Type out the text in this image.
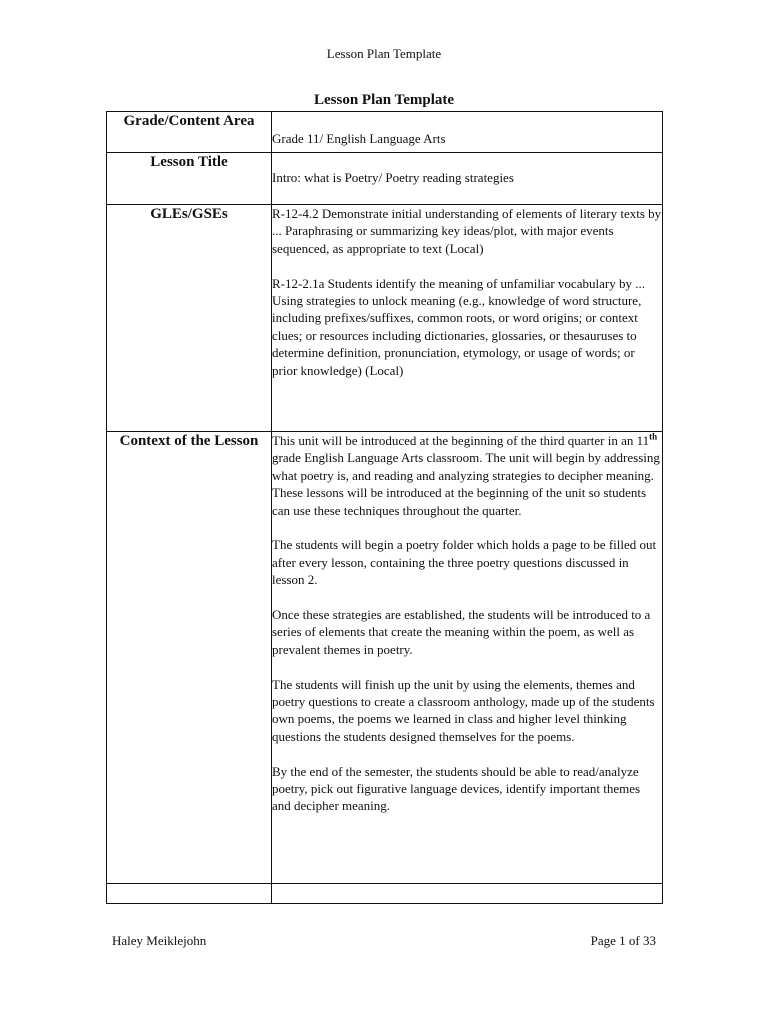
Lesson Plan Template
Lesson Plan Template
Grade/Content Area	Grade 11/ English Language Arts
Lesson Title	Intro: what is Poetry/ Poetry reading strategies
GLEs/GSEs	R-12-4.2 Demonstrate initial understanding of elements of literary texts by ... Paraphrasing or summarizing key ideas/plot, with major events sequenced, as appropriate to text (Local)

R-12-2.1a Students identify the meaning of unfamiliar vocabulary by ... Using strategies to unlock meaning (e.g., knowledge of word structure, including prefixes/suffixes, common roots, or word origins; or context clues; or resources including dictionaries, glossaries, or thesauruses to determine definition, pronunciation, etymology, or usage of words; or prior knowledge) (Local)

Context of the Lesson	This unit will be introduced at the beginning of the third quarter in an 11th grade English Language Arts classroom. The unit will begin by addressing what poetry is, and reading and analyzing strategies to decipher meaning. These lessons will be introduced at the beginning of the unit so students can use these techniques throughout the quarter.

The students will begin a poetry folder which holds a page to be filled out after every lesson, containing the three poetry questions discussed in lesson 2.

Once these strategies are established, the students will be introduced to a series of elements that create the meaning within the poem, as well as prevalent themes in poetry.

The students will finish up the unit by using the elements, themes and poetry questions to create a classroom anthology, made up of the students own poems, the poems we learned in class and higher level thinking questions the students designed themselves for the poems.

By the end of the semester, the students should be able to read/analyze poetry, pick out figurative language devices, identify important themes and decipher meaning.

Haley Meiklejohn	Page 1 of 33
